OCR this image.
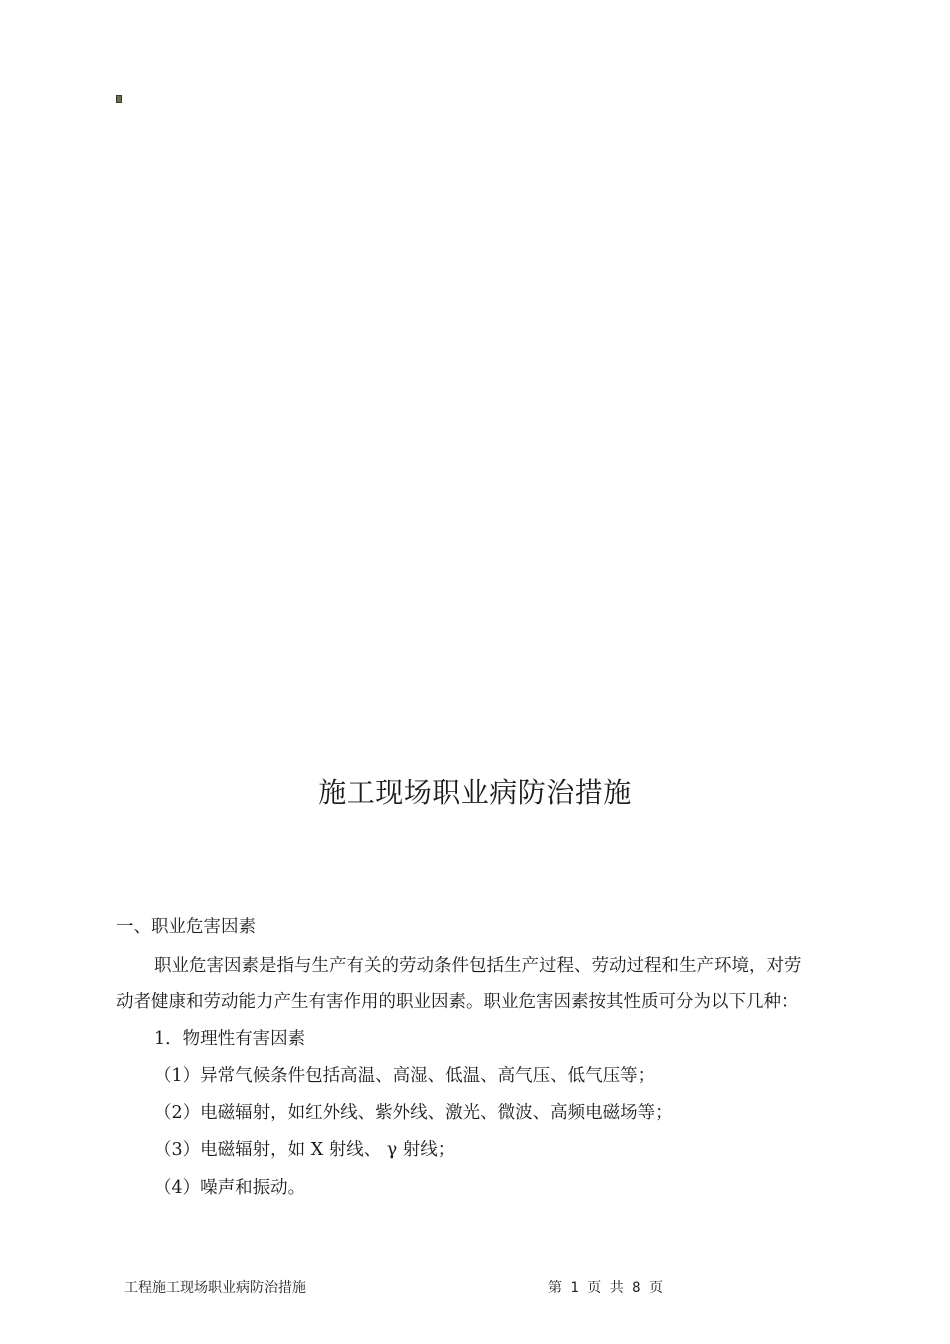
施工现场职业病防治措施

一、职业危害因素

职业危害因素是指与生产有关的劳动条件包括生产过程、劳动过程和生产环境，对劳

动者健康和劳动能力产生有害作用的职业因素。职业危害因素按其性质可分为以下几种：

1．物理性有害因素

（1）异常气候条件包括高温、高湿、低温、高气压、低气压等；

（2）电磁辐射，如红外线、紫外线、激光、微波、高频电磁场等；

（3）电磁辐射，如 X 射线、 γ 射线；

（4）噪声和振动。

工程施工现场职业病防治措施	第 1 页 共 8 页
